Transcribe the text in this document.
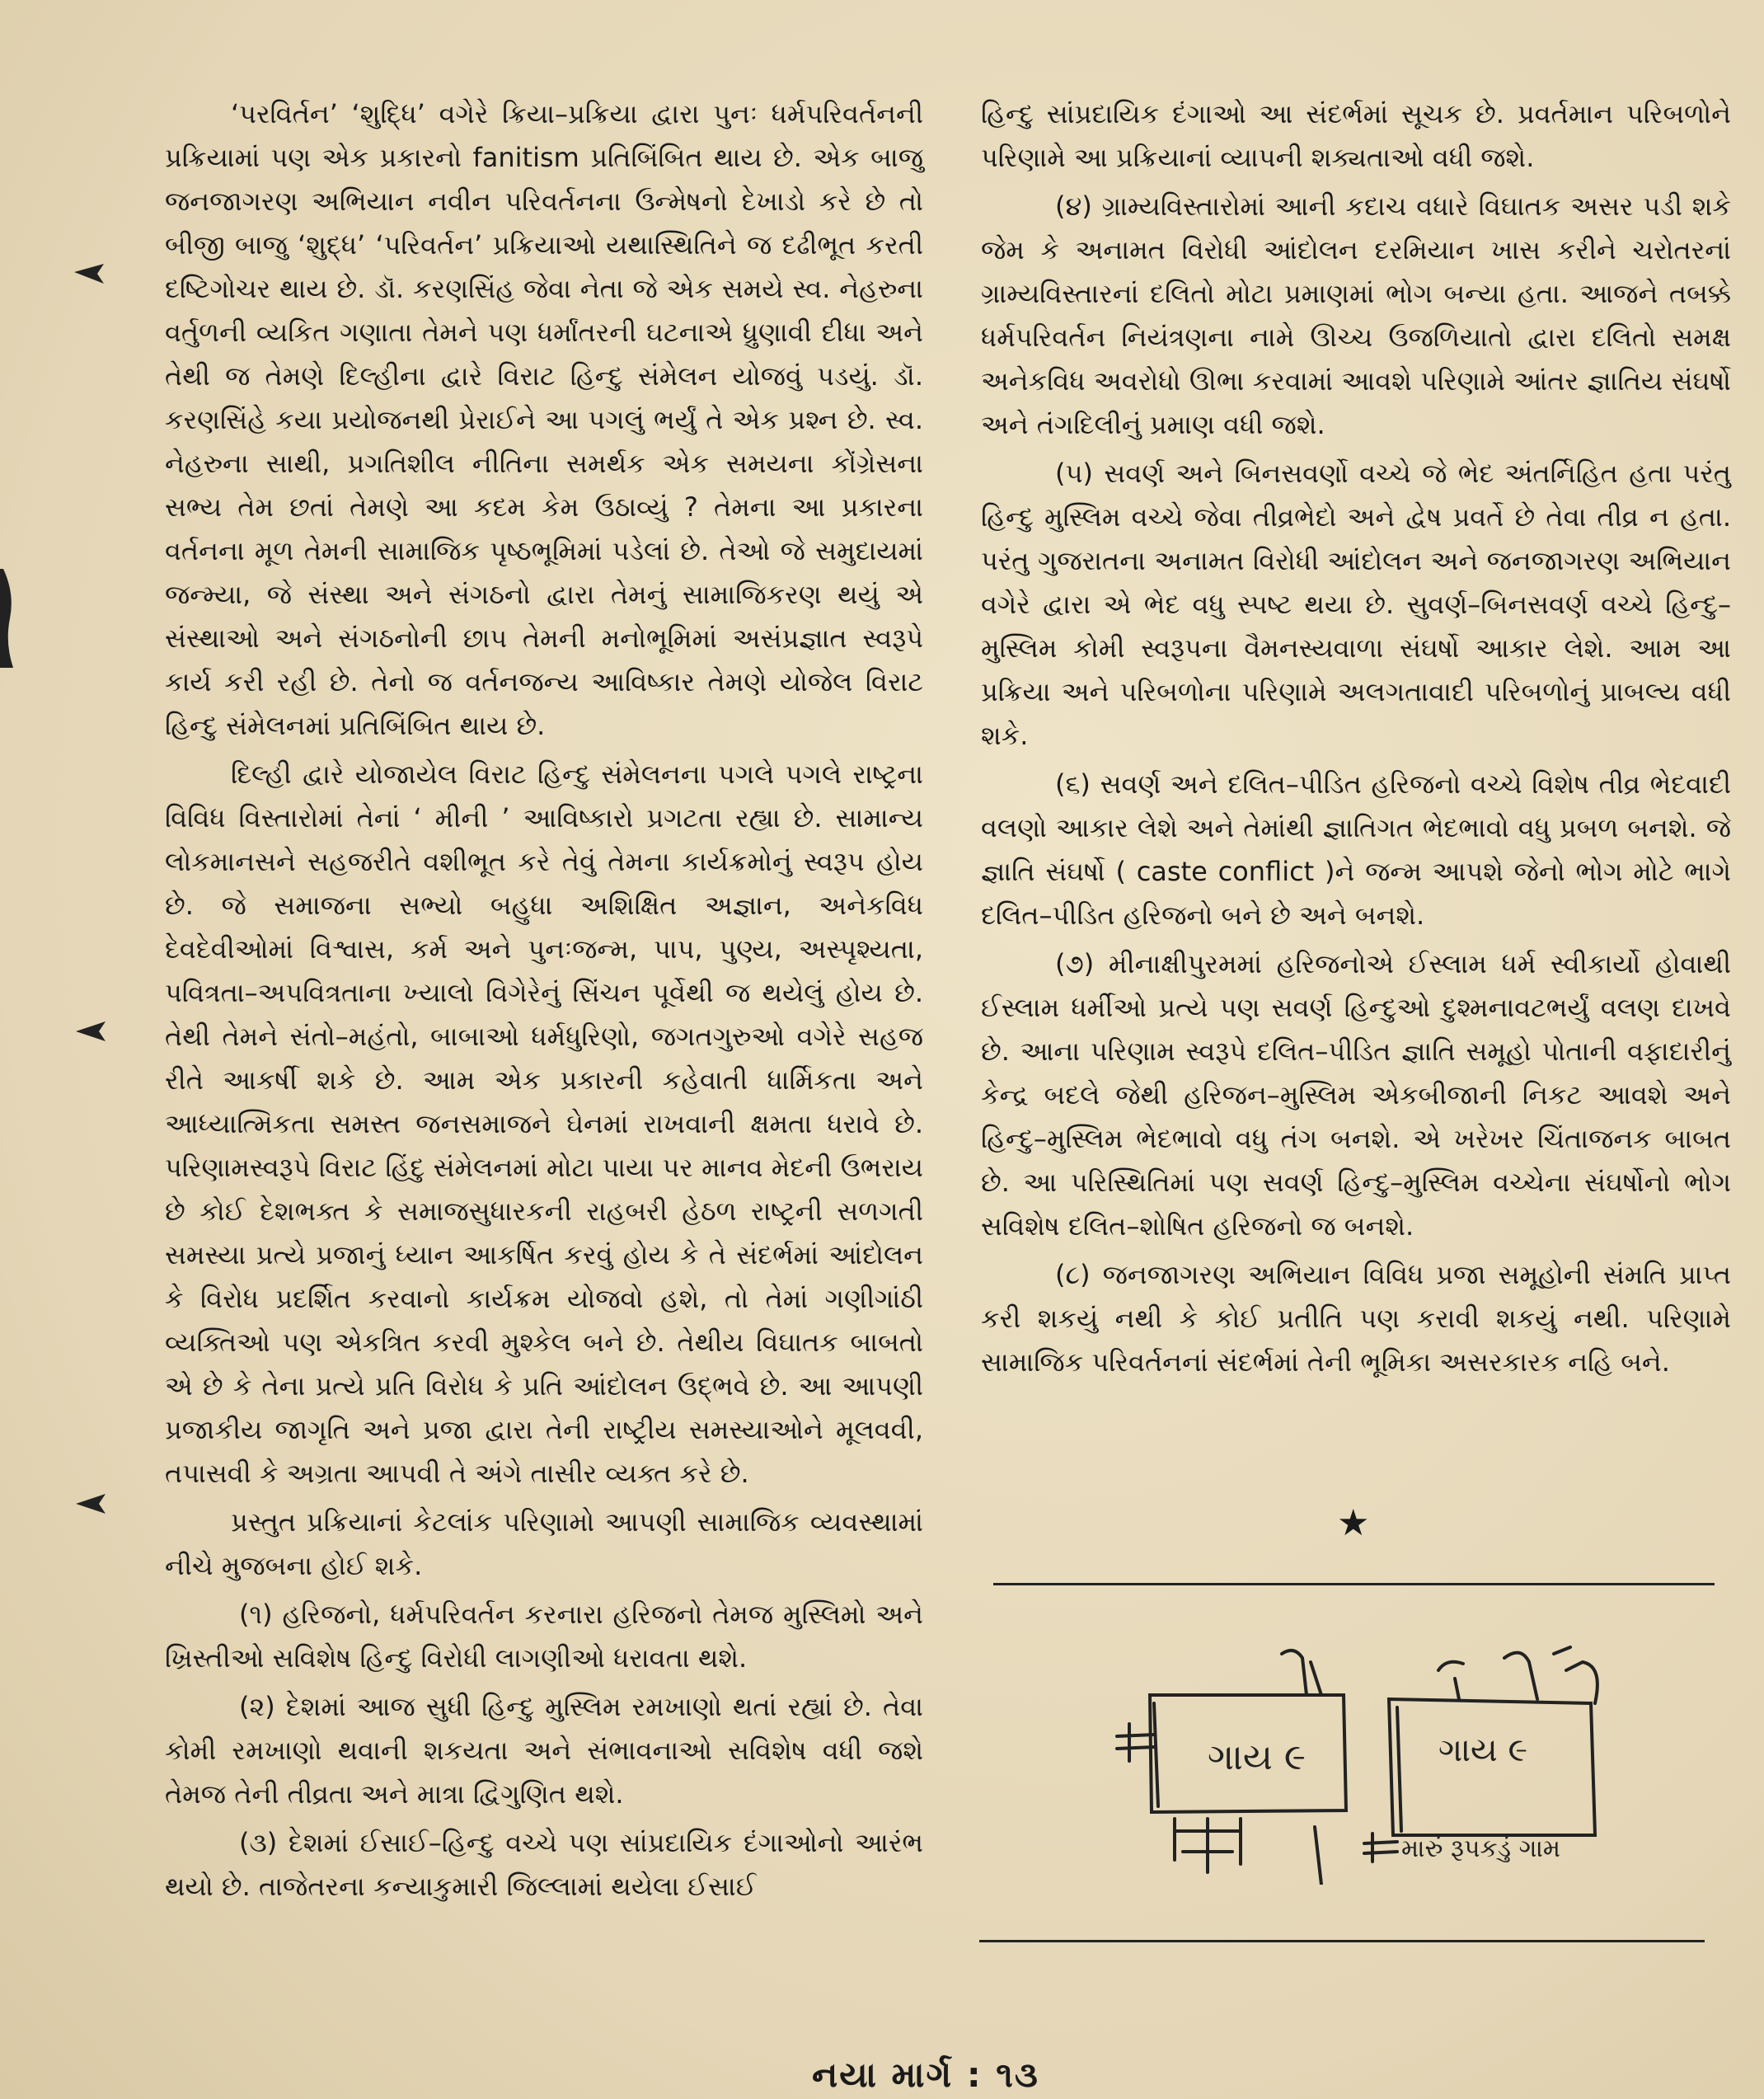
‘પરવિર્તન’ ‘શુદ્ધિ’ વગેરે ક્રિયા–પ્રક્રિયા દ્વારા પુનઃ ધર્મપરિવર્તનની પ્રક્રિયામાં પણ એક પ્રકારનો fanitism પ્રતિબિંબિત થાય છે. એક બાજુ જનજાગરણ અભિયાન નવીન પરિવર્તનના ઉન્મેષનો દેખાડો કરે છે તો બીજી બાજુ ‘શુદ્ધ’ ‘પરિવર્તન’ પ્રક્રિયાઓ યથાસ્થિતિને જ દઢીભૂત કરતી દષ્ટિગોચર થાય છે. ડૉ. કરણસિંહ જેવા નેતા જે એક સમયે સ્વ. નેહરુના વર્તુળની વ્યકિત ગણાતા તેમને પણ ધર્માંતરની ઘટનાએ ધ્રુણાવી દીધા અને તેથી જ તેમણે દિલ્હીના દ્વારે વિરાટ હિન્દુ સંમેલન યોજવું પડયું. ડૉ. કરણસિંહે કયા પ્રયોજનથી પ્રેરાઈને આ પગલું ભર્યું તે એક પ્રશ્ન છે. સ્વ. નેહરુના સાથી, પ્રગતિશીલ નીતિના સમર્થક એક સમયના કોંગ્રેસના સભ્ય તેમ છતાં તેમણે આ કદમ કેમ ઉઠાવ્યું ? તેમના આ પ્રકારના વર્તનના મૂળ તેમની સામાજિક પૃષ્ઠભૂમિમાં પડેલાં છે. તેઓ જે સમુદાયમાં જન્મ્યા, જે સંસ્થા અને સંગઠનો દ્વારા તેમનું સામાજિકરણ થયું એ સંસ્થાઓ અને સંગઠનોની છાપ તેમની મનોભૂમિમાં અસંપ્રજ્ઞાત સ્વરૂપે કાર્ય કરી રહી છે. તેનો જ વર્તનજન્ય આવિષ્કાર તેમણે યોજેલ વિરાટ હિન્દુ સંમેલનમાં પ્રતિબિંબિત થાય છે.

દિલ્હી દ્વારે યોજાયેલ વિરાટ હિન્દુ સંમેલનના પગલે પગલે રાષ્ટ્રના વિવિધ વિસ્તારોમાં તેનાં ‘ મીની ’ આવિષ્કારો પ્રગટતા રહ્યા છે. સામાન્ય લોકમાનસને સહજરીતે વશીભૂત કરે તેવું તેમના કાર્યક્રમોનું સ્વરૂપ હોય છે. જે સમાજના સભ્યો બહુધા અશિક્ષિત અજ્ઞાન, અનેકવિધ દેવદેવીઓમાં વિશ્વાસ, કર્મ અને પુનઃજન્મ, પાપ, પુણ્ય, અસ્પૃશ્યતા, પવિત્રતા–અપવિત્રતાના ખ્યાલો વિગેરેનું સિંચન પૂર્વેથી જ થયેલું હોય છે. તેથી તેમને સંતો–મહંતો, બાબાઓ ધર્મધુરિણો, જગતગુરુઓ વગેરે સહજ રીતે આકર્ષી શકે છે. આમ એક પ્રકારની કહેવાતી ધાર્મિકતા અને આધ્યાત્મિકતા સમસ્ત જનસમાજને ઘેનમાં રાખવાની ક્ષમતા ધરાવે છે. પરિણામસ્વરૂપે વિરાટ હિંદુ સંમેલનમાં મોટા પાયા પર માનવ મેદની ઉભરાય છે કોઈ દેશભક્ત કે સમાજસુધારકની રાહબરી હેઠળ રાષ્ટ્રની સળગતી સમસ્યા પ્રત્યે પ્રજાનું ધ્યાન આકર્ષિત કરવું હોય કે તે સંદર્ભમાં આંદોલન કે વિરોધ પ્રદર્શિત કરવાનો કાર્યક્રમ યોજવો હશે, તો તેમાં ગણીગાંઠી વ્યક્તિઓ પણ એકત્રિત કરવી મુશ્કેલ બને છે. તેથીય વિઘાતક બાબતો એ છે કે તેના પ્રત્યે પ્રતિ વિરોધ કે પ્રતિ આંદોલન ઉદ્ભવે છે. આ આપણી પ્રજાકીય જાગૃતિ અને પ્રજા દ્વારા તેની રાષ્ટ્રીય સમસ્યાઓને મૂલવવી, તપાસવી કે અગ્રતા આપવી તે અંગે તાસીર વ્યક્ત કરે છે.

પ્રસ્તુત પ્રક્રિયાનાં કેટલાંક પરિણામો આપણી સામાજિક વ્યવસ્થામાં નીચે મુજબના હોઈ શકે.

(૧) હરિજનો, ધર્મપરિવર્તન કરનારા હરિજનો તેમજ મુસ્લિમો અને ખ્રિસ્તીઓ સવિશેષ હિન્દુ વિરોધી લાગણીઓ ધરાવતા થશે.

(૨) દેશમાં આજ સુધી હિન્દુ મુસ્લિમ રમખાણો થતાં રહ્યાં છે. તેવા કોમી રમખાણો થવાની શકયતા અને સંભાવનાઓ સવિશેષ વધી જશે તેમજ તેની તીવ્રતા અને માત્રા દ્વિગુણિત થશે.

(૩) દેશમાં ઈસાઈ–હિન્દુ વચ્ચે પણ સાંપ્રદાયિક દંગાઓનો આરંભ થયો છે. તાજેતરના કન્યાકુમારી જિલ્લામાં થયેલા ઈસાઈ

હિન્દુ સાંપ્રદાયિક દંગાઓ આ સંદર્ભમાં સૂચક છે. પ્રવર્તમાન પરિબળોને પરિણામે આ પ્રક્રિયાનાં વ્યાપની શક્યતાઓ વધી જશે.

(૪) ગ્રામ્યવિસ્તારોમાં આની કદાચ વધારે વિઘાતક અસર પડી શકે જેમ કે અનામત વિરોધી આંદોલન દરમિયાન ખાસ કરીને ચરોતરનાં ગ્રામ્યવિસ્તારનાં દલિતો મોટા પ્રમાણમાં ભોગ બન્યા હતા. આજને તબક્કે ધર્મપરિવર્તન નિયંત્રણના નામે ઊચ્ચ ઉજળિયાતો દ્વારા દલિતો સમક્ષ અનેકવિધ અવરોધો ઊભા કરવામાં આવશે પરિણામે આંતર જ્ઞાતિય સંઘર્ષો અને તંગદિલીનું પ્રમાણ વધી જશે.

(૫) સવર્ણ અને બિનસવર્ણો વચ્ચે જે ભેદ અંતર્નિહિત હતા પરંતુ હિન્દુ મુસ્લિમ વચ્ચે જેવા તીવ્રભેદો અને દ્વેષ પ્રવર્તે છે તેવા તીવ્ર ન હતા. પરંતુ ગુજરાતના અનામત વિરોધી આંદોલન અને જનજાગરણ અભિયાન વગેરે દ્વારા એ ભેદ વધુ સ્પષ્ટ થયા છે. સુવર્ણ–બિનસવર્ણ વચ્ચે હિન્દુ–મુસ્લિમ કોમી સ્વરૂપના વૈમનસ્યવાળા સંઘર્ષો આકાર લેશે. આમ આ પ્રક્રિયા અને પરિબળોના પરિણામે અલગતાવાદી પરિબળોનું પ્રાબલ્ય વધી શકે.

(૬) સવર્ણ અને દલિત–પીડિત હરિજનો વચ્ચે વિશેષ તીવ્ર ભેદવાદી વલણો આકાર લેશે અને તેમાંથી જ્ઞાતિગત ભેદભાવો વધુ પ્રબળ બનશે. જે જ્ઞાતિ સંઘર્ષો ( caste conflict )ને જન્મ આપશે જેનો ભોગ મોટે ભાગે દલિત–પીડિત હરિજનો બને છે અને બનશે.

(૭) મીનાક્ષીપુરમમાં હરિજનોએ ઈસ્લામ ધર્મ સ્વીકાર્યો હોવાથી ઈસ્લામ ધર્મીઓ પ્રત્યે પણ સવર્ણ હિન્દુઓ દુશ્મનાવટભર્યું વલણ દાખવે છે. આના પરિણામ સ્વરૂપે દલિત–પીડિત જ્ઞાતિ સમૂહો પોતાની વફાદારીનું કેન્દ્ર બદલે જેથી હરિજન–મુસ્લિમ એકબીજાની નિકટ આવશે અને હિન્દુ–મુસ્લિમ ભેદભાવો વધુ તંગ બનશે. એ ખરેખર ચિંતાજનક બાબત છે. આ પરિસ્થિતિમાં પણ સવર્ણ હિન્દુ–મુસ્લિમ વચ્ચેના સંઘર્ષોનો ભોગ સવિશેષ દલિત–શોષિત હરિજનો જ બનશે.

(૮) જનજાગરણ અભિયાન વિવિધ પ્રજા સમૂહોની સંમતિ પ્રાપ્ત કરી શકયું નથી કે કોઈ પ્રતીતિ પણ કરાવી શકયું નથી. પરિણામે સામાજિક પરિવર્તનનાં સંદર્ભમાં તેની ભૂમિકા અસરકારક નહિ બને.

★
ગાય ૯	ગાય ૯
મારું રૂપકડું ગામ
નયા માર્ગ : ૧૩
